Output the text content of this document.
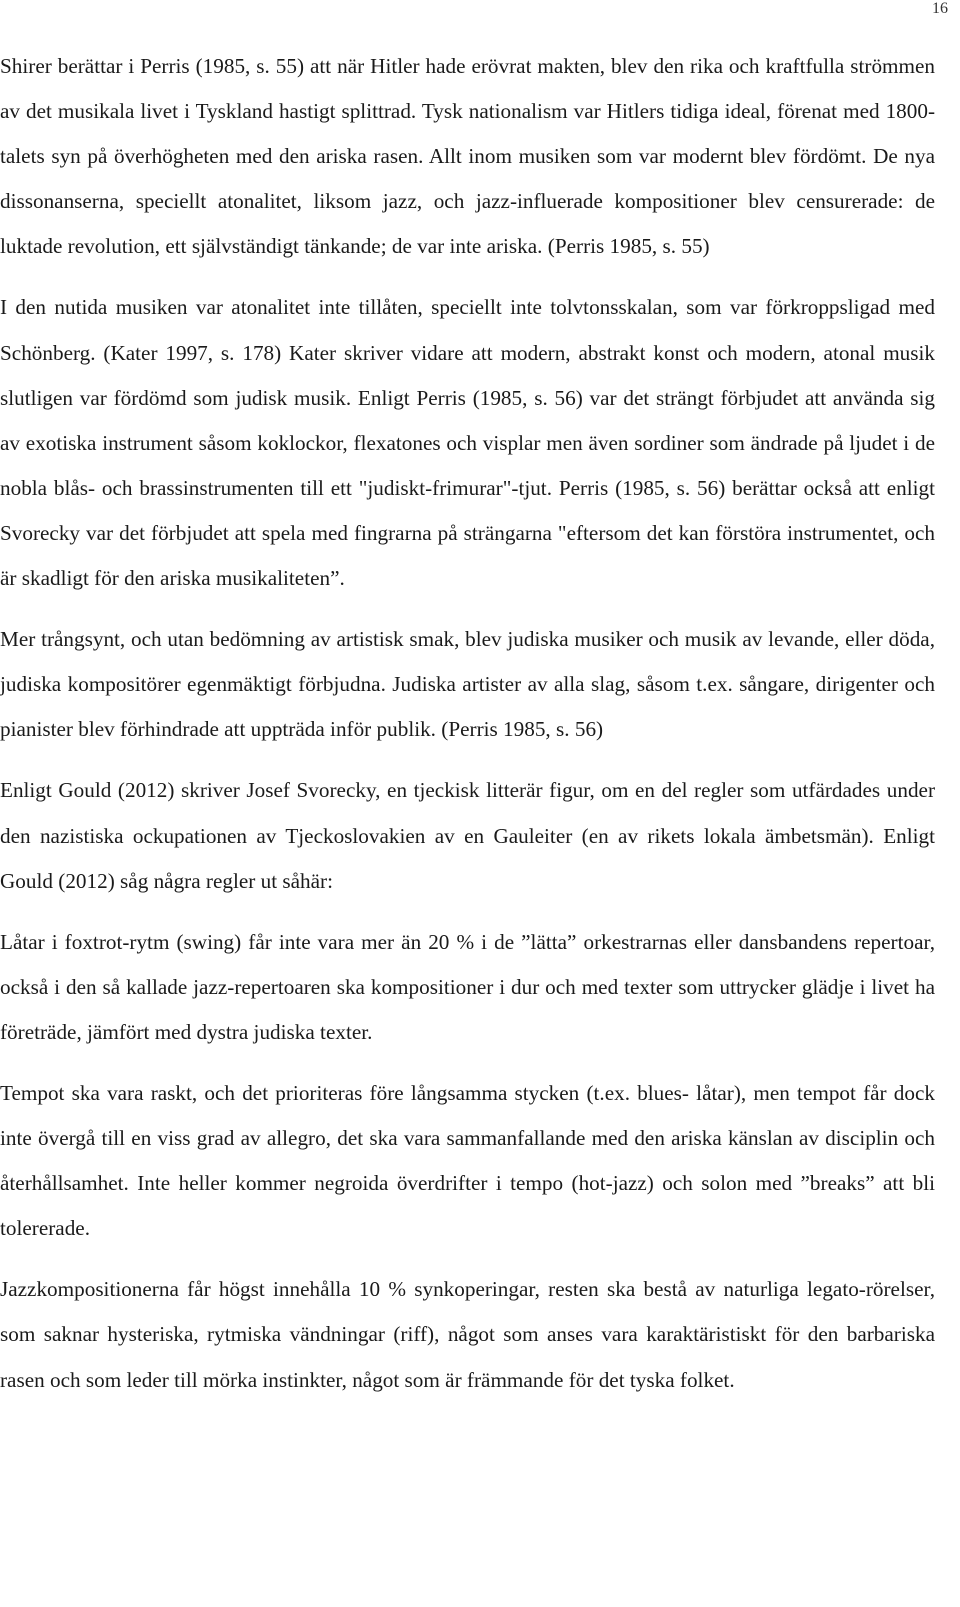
16

Shirer berättar i Perris (1985, s. 55) att när Hitler hade erövrat makten, blev den rika och kraftfulla strömmen av det musikala livet i Tyskland hastigt splittrad. Tysk nationalism var Hitlers tidiga ideal, förenat med 1800-talets syn på överhögheten med den ariska rasen. Allt inom musiken som var modernt blev fördömt. De nya dissonanserna, speciellt atonalitet, liksom jazz, och jazz-influerade kompositioner blev censurerade: de luktade revolution, ett självständigt tänkande; de var inte ariska. (Perris 1985, s. 55)

I den nutida musiken var atonalitet inte tillåten, speciellt inte tolvtonsskalan, som var förkroppsligad med Schönberg. (Kater 1997, s. 178) Kater skriver vidare att modern, abstrakt konst och modern, atonal musik slutligen var fördömd som judisk musik. Enligt Perris (1985, s. 56) var det strängt förbjudet att använda sig av exotiska instrument såsom koklockor, flexatones och visplar men även sordiner som ändrade på ljudet i de nobla blås- och brassinstrumenten till ett "judiskt-frimurar"-tjut. Perris (1985, s. 56) berättar också att enligt Svorecky var det förbjudet att spela med fingrarna på strängarna "eftersom det kan förstöra instrumentet, och är skadligt för den ariska musikaliteten”.

Mer trångsynt, och utan bedömning av artistisk smak, blev judiska musiker och musik av levande, eller döda, judiska kompositörer egenmäktigt förbjudna. Judiska artister av alla slag, såsom t.ex. sångare, dirigenter och pianister blev förhindrade att uppträda inför publik. (Perris 1985, s. 56)

Enligt Gould (2012) skriver Josef Svorecky, en tjeckisk litterär figur, om en del regler som utfärdades under den nazistiska ockupationen av Tjeckoslovakien av en Gauleiter (en av rikets lokala ämbetsmän). Enligt Gould (2012) såg några regler ut såhär:

Låtar i foxtrot-rytm (swing) får inte vara mer än 20 % i de ”lätta” orkestrarnas eller dansbandens repertoar, också i den så kallade jazz-repertoaren ska kompositioner i dur och med texter som uttrycker glädje i livet ha företräde, jämfört med dystra judiska texter.

Tempot ska vara raskt, och det prioriteras före långsamma stycken (t.ex. blues- låtar), men tempot får dock inte övergå till en viss grad av allegro, det ska vara sammanfallande med den ariska känslan av disciplin och återhållsamhet. Inte heller kommer negroida överdrifter i tempo (hot-jazz) och solon med ”breaks” att bli tolererade.

Jazzkompositionerna får högst innehålla 10 % synkoperingar, resten ska bestå av naturliga legato-rörelser, som saknar hysteriska, rytmiska vändningar (riff), något som anses vara karaktäristiskt för den barbariska rasen och som leder till mörka instinkter, något som är främmande för det tyska folket.
